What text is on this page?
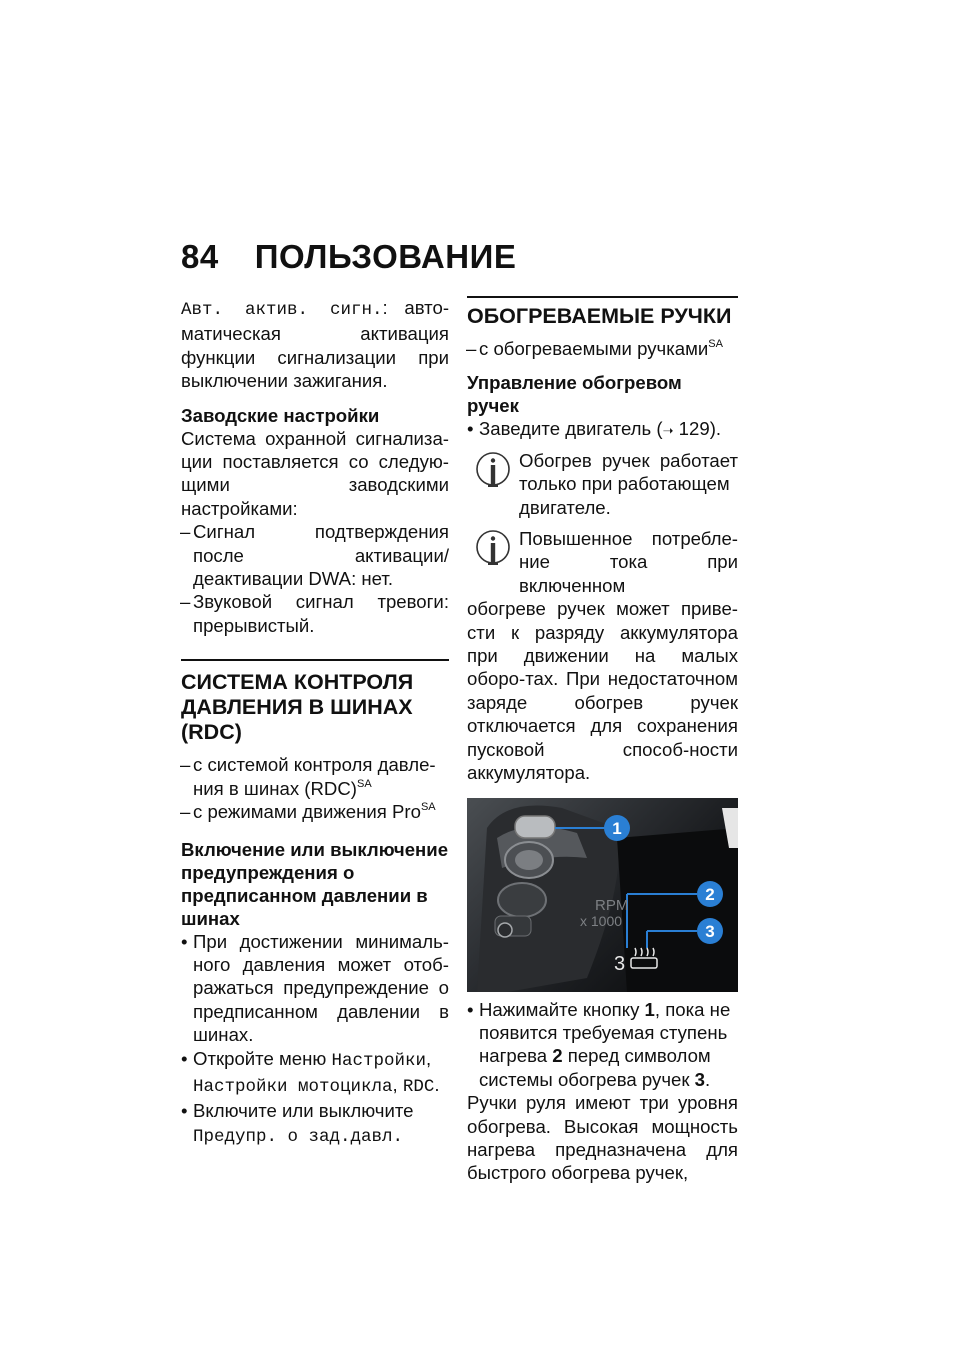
84 ПОЛЬЗОВАНИЕ

Авт. актив. сигн.: авто-матическая активация функции сигнализации при выключении зажигания.

Заводские настройки

Система охранной сигнализа-ции поставляется со следую-щими заводскими настройками:

– Сигнал подтверждения после активации/деактивации DWA: нет.

– Звуковой сигнал тревоги: прерывистый.

СИСТЕМА КОНТРОЛЯ ДАВЛЕНИЯ В ШИНАХ (RDC)

– с системой контроля давле-ния в шинах (RDC)$^{SA}$

– с режимами движения Pro$^{SA}$

Включение или выключение предупреждения о предписанном давлении в шинах

• При достижении минималь-ного давления может отоб-ражаться предупреждение о предписанном давлении в шинах.

• Откройте меню Настройки, Настройки мотоцикла, RDC.

• Включите или выключите Предупр. о зад.давл.

ОБОГРЕВАЕМЫЕ РУЧКИ

– с обогреваемыми ручками$^{SA}$

Управление обогревом ручек

• Заведите двигатель (➝ 129).

Обогрев ручек работает только при работающем
двигателе.
Повышенное потребле-ние тока при включенном
обогреве ручек может приве-сти к разряду аккумулятора при движении на малых оборо-тах. При недостаточном заряде обогрев ручек отключается для сохранения пусковой способ-ности аккумулятора.
1
2
3
RPM
x 1000
3

• Нажимайте кнопку 1, пока не появится требуемая ступень нагрева 2 перед символом системы обогрева ручек 3.

Ручки руля имеют три уровня обогрева. Высокая мощность нагрева предназначена для быстрого обогрева ручек,
